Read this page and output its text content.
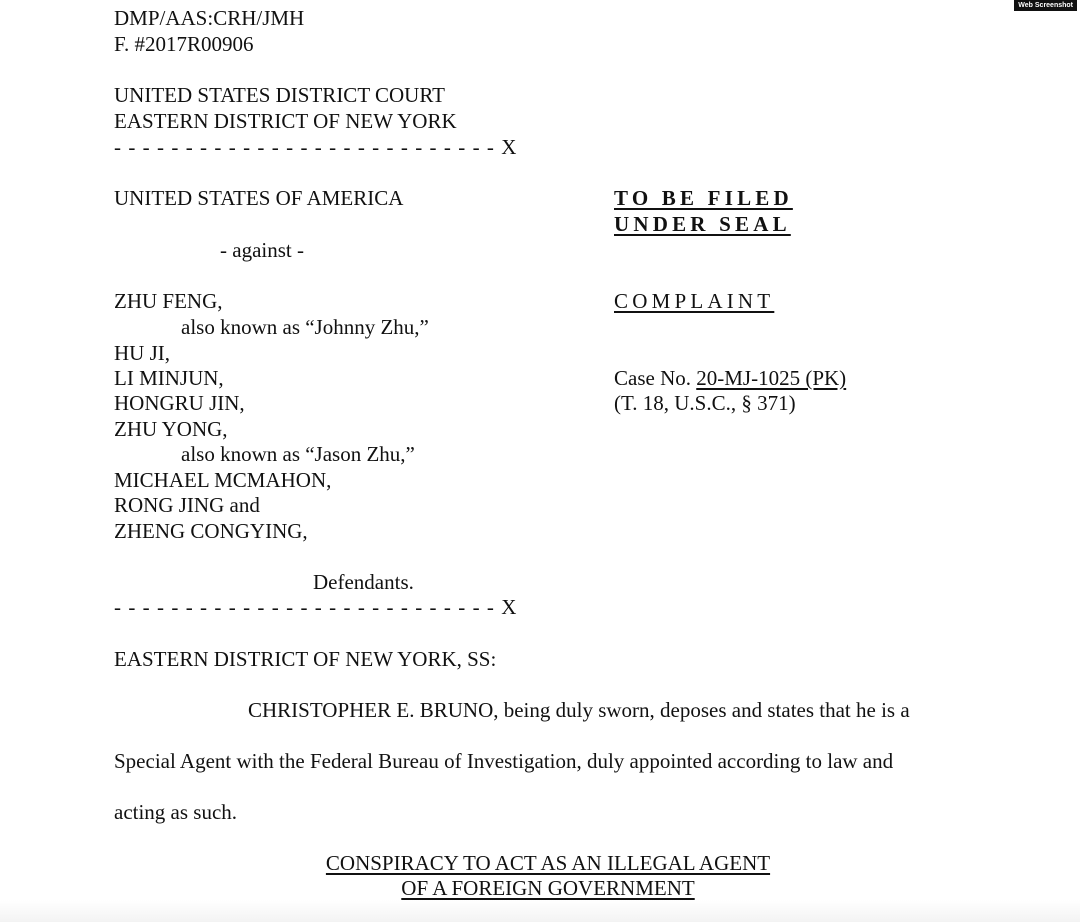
Web Screenshot
DMP/AAS:CRH/JMH
F. #2017R00906
UNITED STATES DISTRICT COURT
EASTERN DISTRICT OF NEW YORK
- - - - - - - - - - - - - - - - - - - - - - - - - - - X
UNITED STATES OF AMERICA
- against -
ZHU FENG,
also known as “Johnny Zhu,”
HU JI,
LI MINJUN,
HONGRU JIN,
ZHU YONG,
also known as “Jason Zhu,”
MICHAEL MCMAHON,
RONG JING and
ZHENG CONGYING,
Defendants.
- - - - - - - - - - - - - - - - - - - - - - - - - - - X
TO BE FILED
UNDER SEAL
COMPLAINT
Case No. 20-MJ-1025 (PK)
(T. 18, U.S.C., § 371)
EASTERN DISTRICT OF NEW YORK, SS:
CHRISTOPHER E. BRUNO, being duly sworn, deposes and states that he is a
Special Agent with the Federal Bureau of Investigation, duly appointed according to law and
acting as such.
CONSPIRACY TO ACT AS AN ILLEGAL AGENT
OF A FOREIGN GOVERNMENT
